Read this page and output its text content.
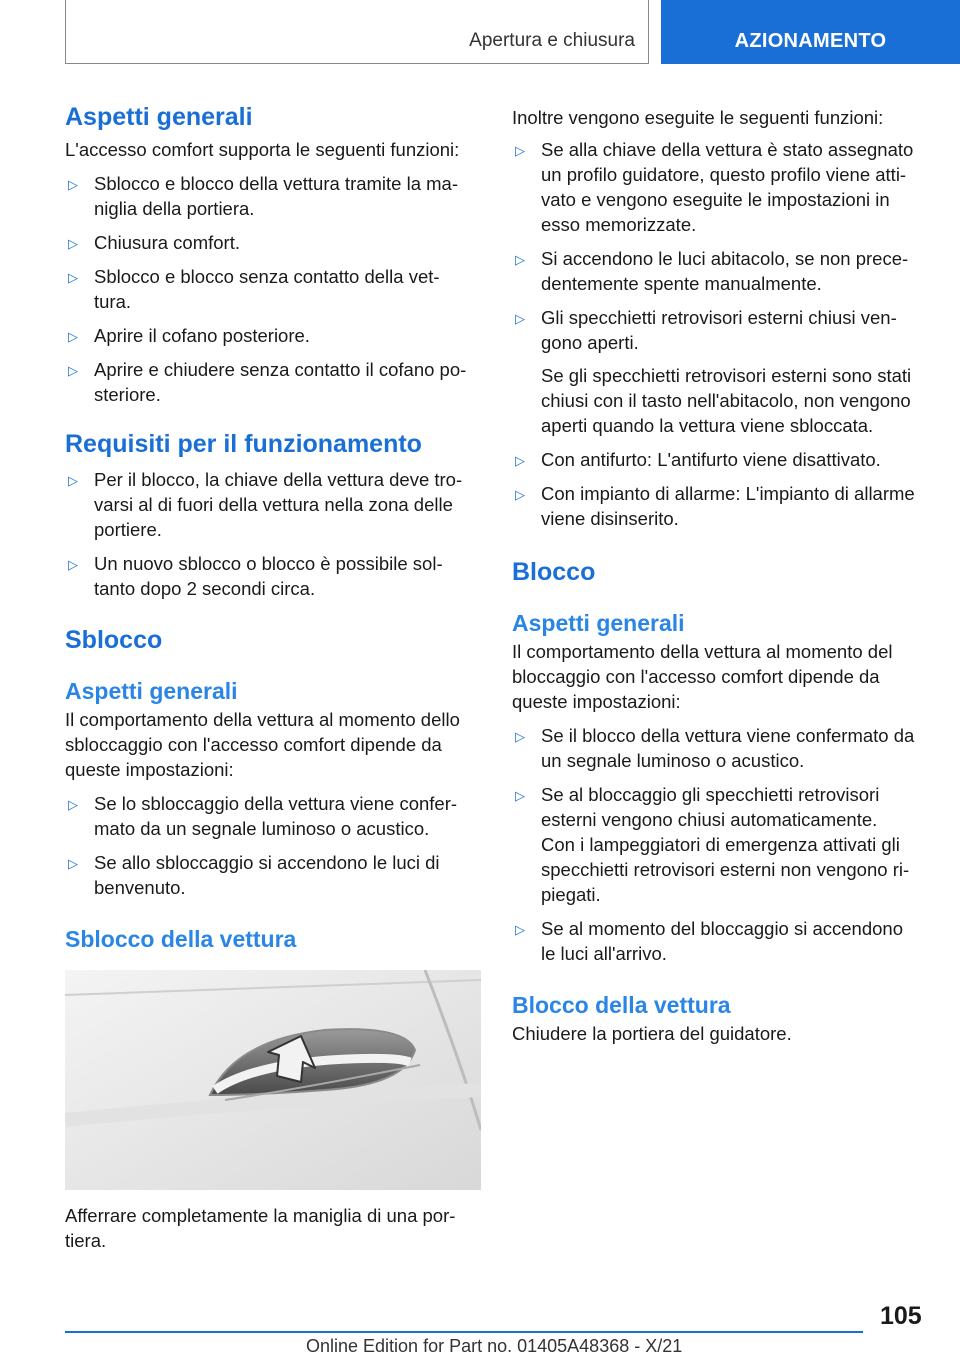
Apertura e chiusura	AZIONAMENTO
Aspetti generali
L'accesso comfort supporta le seguenti funzioni:
▷ Sblocco e blocco della vettura tramite la ma-
niglia della portiera.
▷ Chiusura comfort.
▷ Sblocco e blocco senza contatto della vet-
tura.
▷ Aprire il cofano posteriore.
▷ Aprire e chiudere senza contatto il cofano po-
steriore.
Requisiti per il funzionamento
▷ Per il blocco, la chiave della vettura deve tro-
varsi al di fuori della vettura nella zona delle
portiere.
▷ Un nuovo sblocco o blocco è possibile sol-
tanto dopo 2 secondi circa.
Sblocco
Aspetti generali
Il comportamento della vettura al momento dello
sbloccaggio con l'accesso comfort dipende da
queste impostazioni:
▷ Se lo sbloccaggio della vettura viene confer-
mato da un segnale luminoso o acustico.
▷ Se allo sbloccaggio si accendono le luci di
benvenuto.
Sblocco della vettura
Afferrare completamente la maniglia di una por-
tiera.
Inoltre vengono eseguite le seguenti funzioni:
▷ Se alla chiave della vettura è stato assegnato
un profilo guidatore, questo profilo viene atti-
vato e vengono eseguite le impostazioni in
esso memorizzate.
▷ Si accendono le luci abitacolo, se non prece-
dentemente spente manualmente.
▷ Gli specchietti retrovisori esterni chiusi ven-
gono aperti.
Se gli specchietti retrovisori esterni sono stati
chiusi con il tasto nell'abitacolo, non vengono
aperti quando la vettura viene sbloccata.
▷ Con antifurto: L'antifurto viene disattivato.
▷ Con impianto di allarme: L'impianto di allarme
viene disinserito.
Blocco
Aspetti generali
Il comportamento della vettura al momento del
bloccaggio con l'accesso comfort dipende da
queste impostazioni:
▷ Se il blocco della vettura viene confermato da
un segnale luminoso o acustico.
▷ Se al bloccaggio gli specchietti retrovisori
esterni vengono chiusi automaticamente.
Con i lampeggiatori di emergenza attivati gli
specchietti retrovisori esterni non vengono ri-
piegati.
▷ Se al momento del bloccaggio si accendono
le luci all'arrivo.
Blocco della vettura
Chiudere la portiera del guidatore.
105
Online Edition for Part no. 01405A48368 - X/21
